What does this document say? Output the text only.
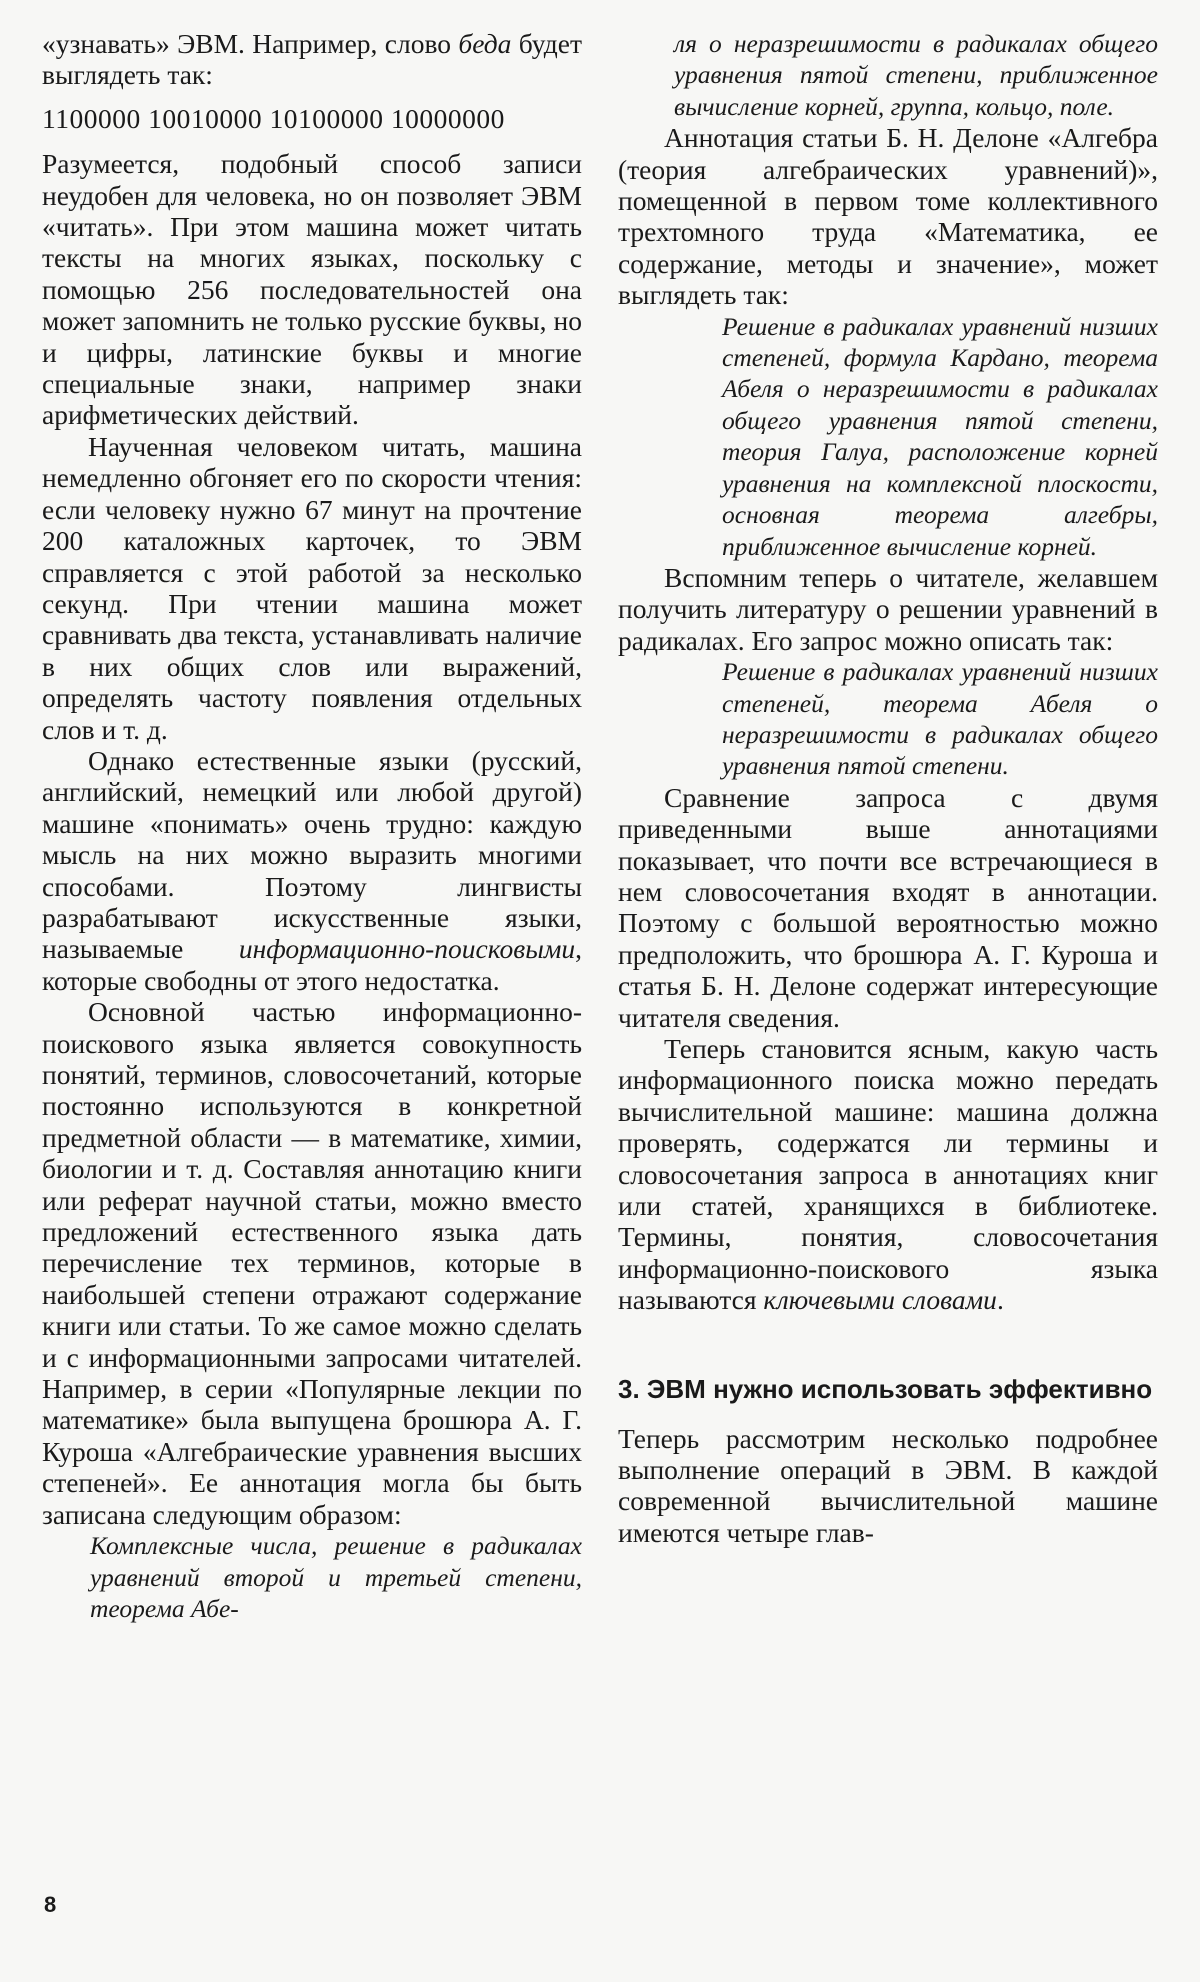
«узнавать» ЭВМ. Например, слово беда будет выглядеть так:

1100000 10010000 10100000 10000000

Разумеется, подобный способ записи неудобен для человека, но он позволяет ЭВМ «читать». При этом машина может читать тексты на многих языках, поскольку с помощью 256 последовательностей она может запомнить не только русские буквы, но и цифры, латинские буквы и многие специальные знаки, например знаки арифметических действий.

Наученная человеком читать, машина немедленно обгоняет его по скорости чтения: если человеку нужно 67 минут на прочтение 200 каталожных карточек, то ЭВМ справляется с этой работой за несколько секунд. При чтении машина может сравнивать два текста, устанавливать наличие в них общих слов или выражений, определять частоту появления отдельных слов и т. д.

Однако естественные языки (русский, английский, немецкий или любой другой) машине «понимать» очень трудно: каждую мысль на них можно выразить многими способами. Поэтому лингвисты разрабатывают искусственные языки, называемые информационно-поисковыми, которые свободны от этого недостатка.

Основной частью информационно-поискового языка является совокупность понятий, терминов, словосочетаний, которые постоянно используются в конкретной предметной области — в математике, химии, биологии и т. д. Составляя аннотацию книги или реферат научной статьи, можно вместо предложений естественного языка дать перечисление тех терминов, которые в наибольшей степени отражают содержание книги или статьи. То же самое можно сделать и с информационными запросами читателей. Например, в серии «Популярные лекции по математике» была выпущена брошюра А. Г. Куроша «Алгебраические уравнения высших степеней». Ее аннотация могла бы быть записана следующим образом:

Комплексные числа, решение в радикалах уравнений второй и третьей степени, теорема Абе-

ля о неразрешимости в радикалах общего уравнения пятой степени, приближенное вычисление корней, группа, кольцо, поле.

Аннотация статьи Б. Н. Делоне «Алгебра (теория алгебраических уравнений)», помещенной в первом томе коллективного трехтомного труда «Математика, ее содержание, методы и значение», может выглядеть так:

Решение в радикалах уравнений низших степеней, формула Кардано, теорема Абеля о неразрешимости в радикалах общего уравнения пятой степени, теория Галуа, расположение корней уравнения на комплексной плоскости, основная теорема алгебры, приближенное вычисление корней.

Вспомним теперь о читателе, желавшем получить литературу о решении уравнений в радикалах. Его запрос можно описать так:

Решение в радикалах уравнений низших степеней, теорема Абеля о неразрешимости в радикалах общего уравнения пятой степени.

Сравнение запроса с двумя приведенными выше аннотациями показывает, что почти все встречающиеся в нем словосочетания входят в аннотации. Поэтому с большой вероятностью можно предположить, что брошюра А. Г. Куроша и статья Б. Н. Делоне содержат интересующие читателя сведения.

Теперь становится ясным, какую часть информационного поиска можно передать вычислительной машине: машина должна проверять, содержатся ли термины и словосочетания запроса в аннотациях книг или статей, хранящихся в библиотеке. Термины, понятия, словосочетания информационно-поискового языка называются ключевыми словами.

3. ЭВМ нужно использовать эффективно

Теперь рассмотрим несколько подробнее выполнение операций в ЭВМ. В каждой современной вычислительной машине имеются четыре глав-

8
